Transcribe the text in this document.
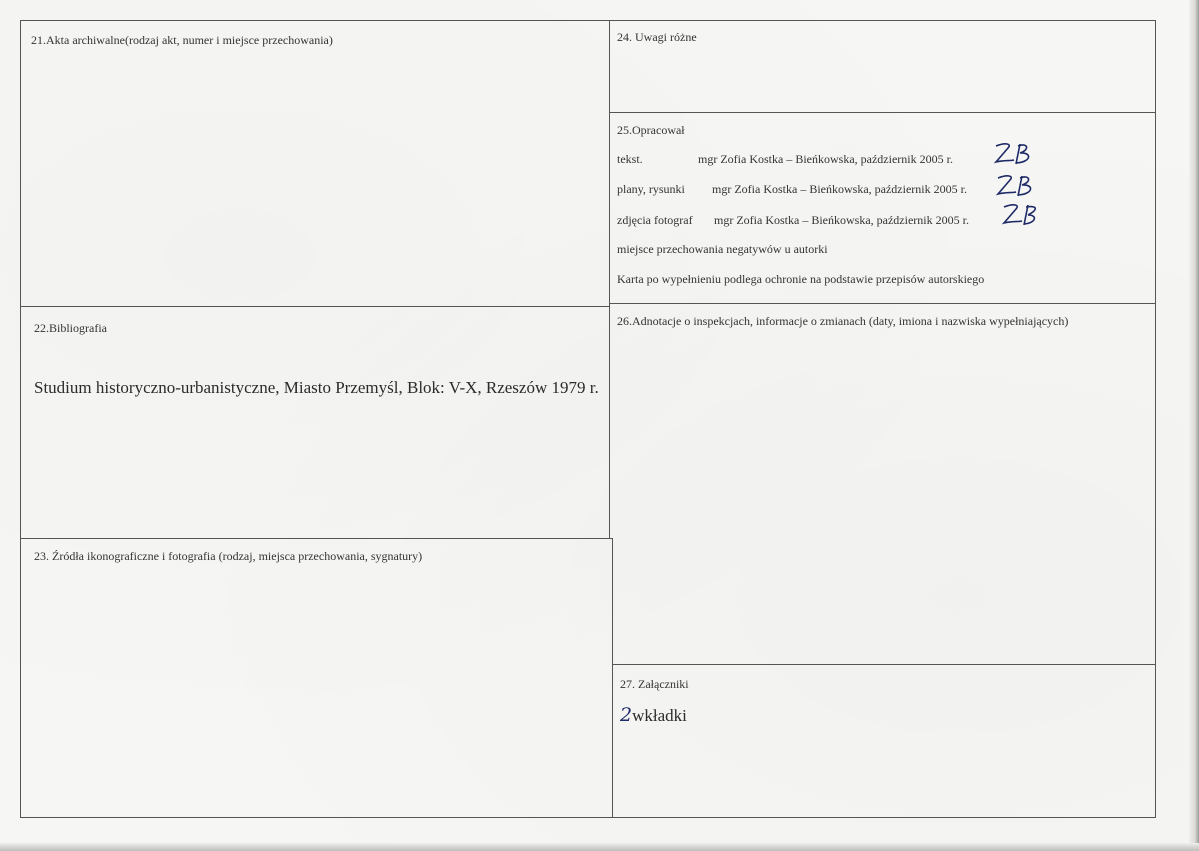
21.Akta archiwalne(rodzaj akt, numer i miejsce przechowania)
22.Bibliografia
Studium historyczno-urbanistyczne, Miasto Przemyśl, Blok: V-X, Rzeszów 1979 r.
23. Źródła ikonograficzne i fotografia (rodzaj, miejsca przechowania, sygnatury)
24. Uwagi różne
25.Opracował
tekst.	mgr Zofia Kostka – Bieńkowska, październik 2005 r.
plany, rysunki mgr Zofia Kostka – Bieńkowska, październik 2005 r.
zdjęcia fotograf mgr Zofia Kostka – Bieńkowska, październik 2005 r.
miejsce przechowania negatywów u autorki
Karta po wypełnieniu podlega ochronie na podstawie przepisów autorskiego
26.Adnotacje o inspekcjach, informacje o zmianach (daty, imiona i nazwiska wypełniających)
27. Załączniki
2wkładki
